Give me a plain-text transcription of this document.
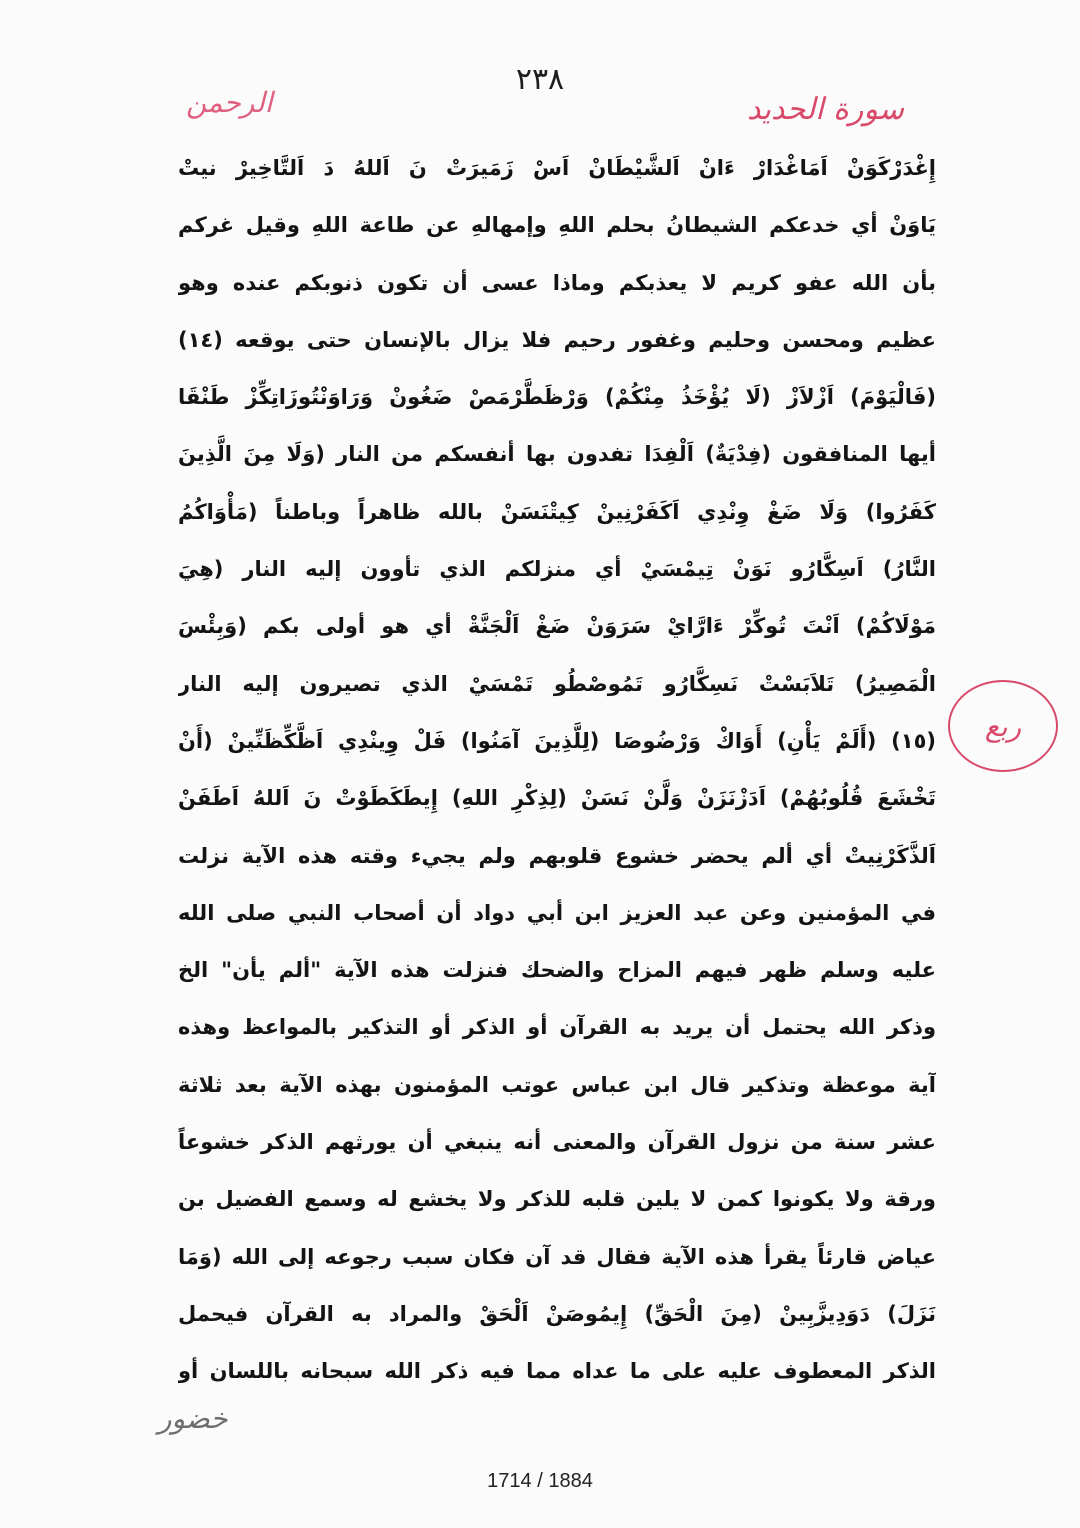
٢٣٨
سورة الحديد
الرحمن
إِغْدَرْكَوَنْ اَمَاغْدَارْ ءَانْ اَلشَّيْطَانْ اَسْ زَمَيرَتْ نَ اَللهُ دَ اَلتَّاخِيرْ نيتْ
يَاوَنْ أي خدعكم الشيطانُ بحلم اللهِ وإمهالهِ عن طاعة اللهِ وقيل غركم
بأن الله عفو كريم لا يعذبكم وماذا عسى أن تكون ذنوبكم عنده وهو
عظيم ومحسن وحليم وغفور رحيم فلا يزال بالإنسان حتى يوقعه (١٤)
(فَالْيَوْمَ) اَزْلاَزْ (لَا يُؤْخَذُ مِنْكُمْ) وَرْظَطَّرْمَصْ ضَغُونْ وَرَاوَنْتُوزَاتِكِّزْ طَنْقَا
أيها المنافقون (فِدْيَةٌ) اَلْفِدَا تفدون بها أنفسكم من النار (وَلَا مِنَ الَّذِينَ
كَفَرُوا) وَلَا ضَغْ وِنْدِي اَكَفَرْنِينْ كِيتْنَسَنْ بالله ظاهراً وباطناً (مَأْوَاكُمُ
النَّارُ) اَسِكَّارُو نَوَنْ تِيمْسَيْ أي منزلكم الذي تأوون إليه النار (هِيَ
مَوْلَاكُمْ) اَنْتَ تُوكِّرْ ءَارَّايْ سَرَوَنْ ضَغْ اَلْجَنَّةْ أي هو أولى بكم (وَبِئْسَ
الْمَصِيرُ) تَلاَبَسْتْ نَسِكَّارُو تَمُوصْطُو تَمْسَيْ الذي تصيرون إليه النار
(١٥) (أَلَمْ يَأْنِ) أَوَاكْ وَرْضُوصَا (لِلَّذِينَ آمَنُوا) فَلْ وِينْدِي اَظَّكِّظَنِّينْ (أَنْ
تَخْشَعَ قُلُوبُهُمْ) اَدَزْنَزَنْ وَلَّنْ نَسَنْ (لِذِكْرِ اللهِ) إِيطَكَطَوْتْ نَ اَللهُ اَطَفَنْ
اَلذَّكَرْنِيتْ أي ألم يحضر خشوع قلوبهم ولم يجيء وقته هذه الآية نزلت
في المؤمنين وعن عبد العزيز ابن أبي دواد أن أصحاب النبي صلى الله
عليه وسلم ظهر فيهم المزاح والضحك فنزلت هذه الآية "ألم يأن" الخ
وذكر الله يحتمل أن يريد به القرآن أو الذكر أو التذكير بالمواعظ وهذه
آية موعظة وتذكير قال ابن عباس عوتب المؤمنون بهذه الآية بعد ثلاثة
عشر سنة من نزول القرآن والمعنى أنه ينبغي أن يورثهم الذكر خشوعاً
ورقة ولا يكونوا كمن لا يلين قلبه للذكر ولا يخشع له وسمع الفضيل بن
عياض قارئاً يقرأ هذه الآية فقال قد آن فكان سبب رجوعه إلى الله (وَمَا
نَزَلَ) دَوَدِيزَّبِينْ (مِنَ الْحَقِّ) إِيمُوصَنْ اَلْحَقْ والمراد به القرآن فيحمل
الذكر المعطوف عليه على ما عداه مما فيه ذكر الله سبحانه باللسان أو
ربع
خضور
1714 / 1884
